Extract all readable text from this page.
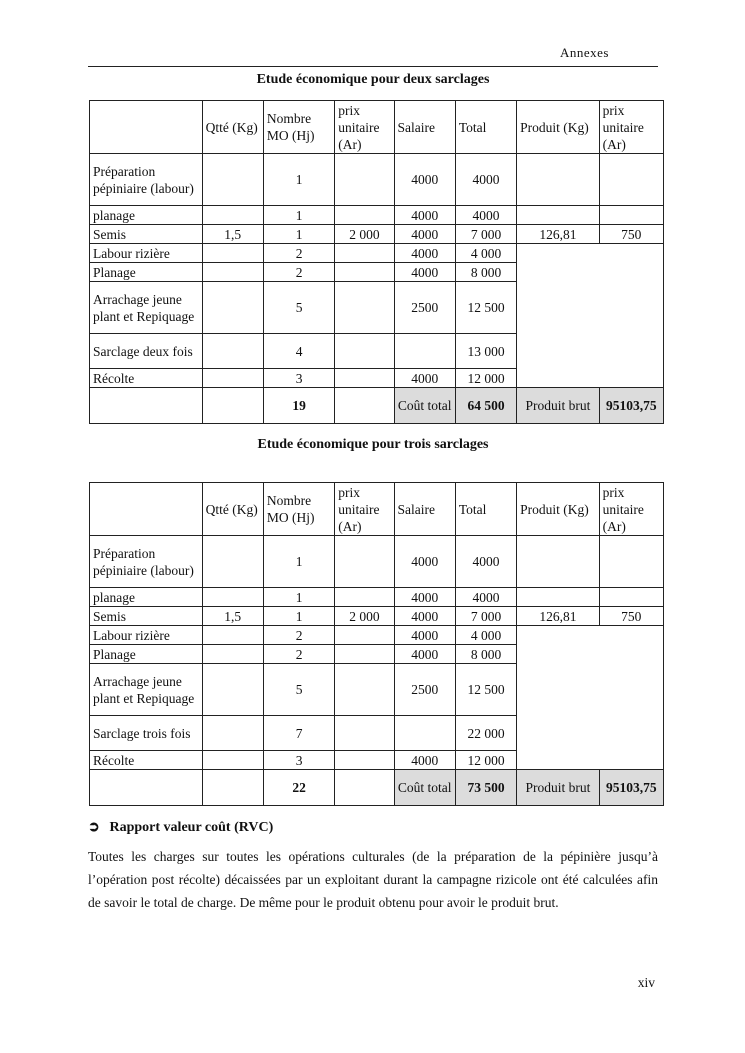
Annexes
Etude économique pour deux sarclages
	Qtté (Kg)	Nombre MO (Hj)	prix unitaire (Ar)	Salaire	Total	Produit (Kg)	prix unitaire (Ar)
Préparation pépiniaire (labour)		1		4000	4000		
planage		1		4000	4000		
Semis	1,5	1	2 000	4000	7 000	126,81	750
Labour rizière		2		4000	4 000		
Planage		2		4000	8 000		
Arrachage jeune plant et Repiquage		5		2500	12 500		
Sarclage deux fois		4			13 000		
Récolte		3		4000	12 000		
		19		Coût total	64 500	Produit brut	95103,75
Etude économique pour trois sarclages
	Qtté (Kg)	Nombre MO (Hj)	prix unitaire (Ar)	Salaire	Total	Produit (Kg)	prix unitaire (Ar)
Préparation pépiniaire (labour)		1		4000	4000		
planage		1		4000	4000		
Semis	1,5	1	2 000	4000	7 000	126,81	750
Labour rizière		2		4000	4 000		
Planage		2		4000	8 000		
Arrachage jeune plant et Repiquage		5		2500	12 500		
Sarclage trois fois		7			22 000		
Récolte		3		4000	12 000		
		22		Coût total	73 500	Produit brut	95103,75
➲ Rapport valeur coût (RVC)
Toutes les charges sur toutes les opérations culturales (de la préparation de la pépinière jusqu’à l’opération post récolte) décaissées par un exploitant durant la campagne rizicole ont été calculées afin de savoir le total de charge. De même pour le produit obtenu pour avoir le produit brut.
xiv
